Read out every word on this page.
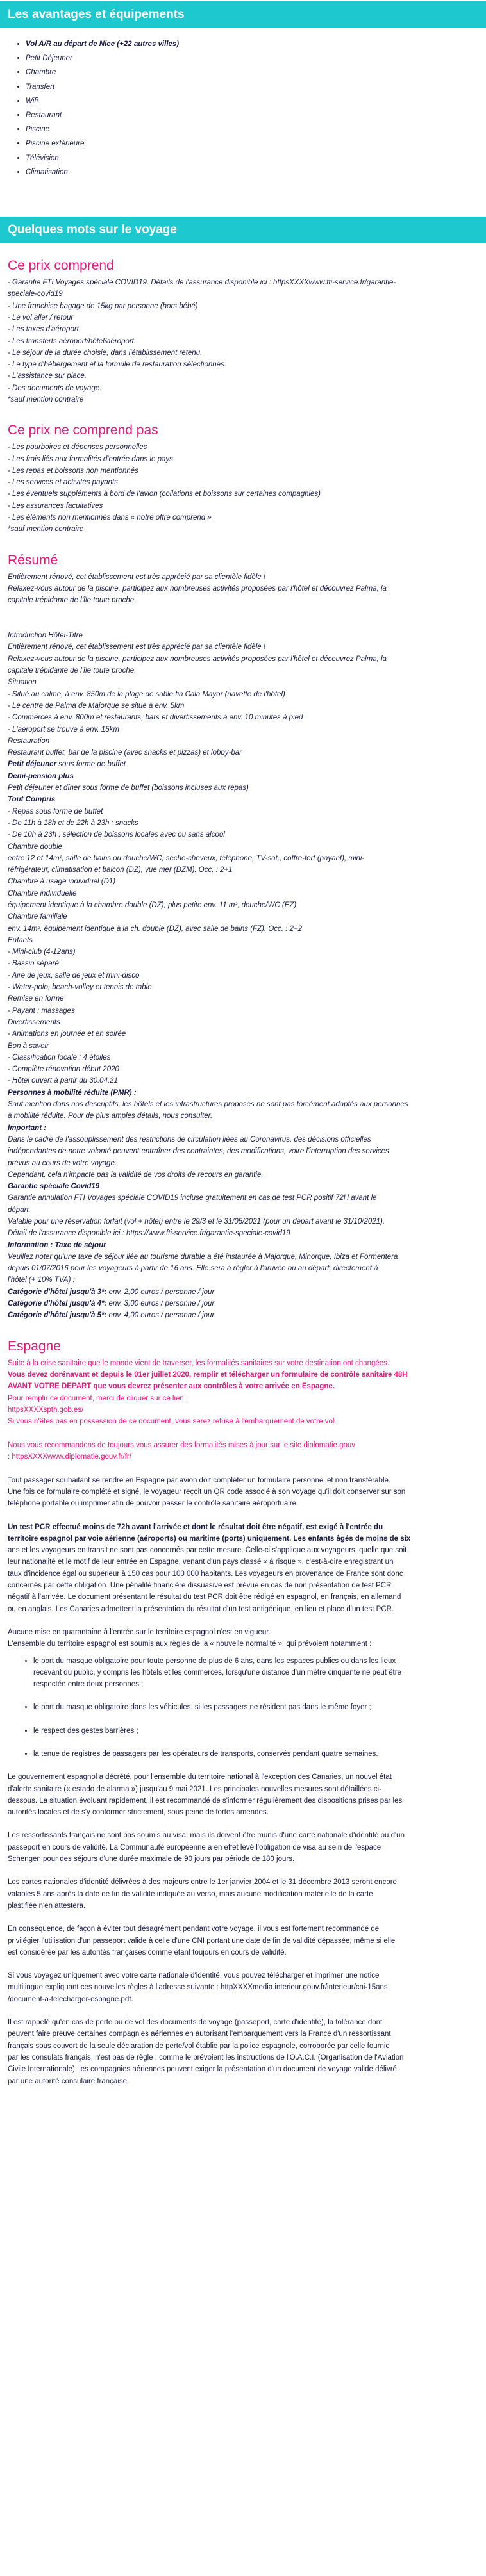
Les avantages et équipements
• Vol A/R au départ de Nice (+22 autres villes)
• Petit Déjeuner
• Chambre
• Transfert
• Wifi
• Restaurant
• Piscine
• Piscine extérieure
• Télévision
• Climatisation
Quelques mots sur le voyage
Ce prix comprend
- Garantie FTI Voyages spéciale COVID19. Détails de l'assurance disponible ici : httpsXXXXwww.fti-service.fr/garantie-
speciale-covid19
- Une franchise bagage de 15kg par personne (hors bébé)
- Le vol aller / retour
- Les taxes d'aéroport.
- Les transferts aéroport/hôtel/aéroport.
- Le séjour de la durée choisie, dans l'établissement retenu.
- Le type d'hébergement et la formule de restauration sélectionnés.
- L'assistance sur place.
- Des documents de voyage.
*sauf mention contraire
Ce prix ne comprend pas
- Les pourboires et dépenses personnelles
- Les frais liés aux formalités d'entrée dans le pays
- Les repas et boissons non mentionnés
- Les services et activités payants
- Les éventuels suppléments à bord de l'avion (collations et boissons sur certaines compagnies)
- Les assurances facultatives
- Les éléments non mentionnés dans « notre offre comprend »
*sauf mention contraire
Résumé
Entièrement rénové, cet établissement est très apprécié par sa clientèle fidèle !
Relaxez-vous autour de la piscine, participez aux nombreuses activités proposées par l'hôtel et découvrez Palma, la
capitale trépidante de l'île toute proche.
Introduction Hôtel-Titre
Entièrement rénové, cet établissement est très apprécié par sa clientèle fidèle !
Relaxez-vous autour de la piscine, participez aux nombreuses activités proposées par l'hôtel et découvrez Palma, la
capitale trépidante de l'île toute proche.
Situation
- Situé au calme, à env. 850m de la plage de sable fin Cala Mayor (navette de l'hôtel)
- Le centre de Palma de Majorque se situe à env. 5km
- Commerces à env. 800m et restaurants, bars et divertissements à env. 10 minutes à pied
- L'aéroport se trouve à env. 15km
Restauration
Restaurant buffet, bar de la piscine (avec snacks et pizzas) et lobby-bar
Petit déjeuner sous forme de buffet
Demi-pension plus
Petit déjeuner et dîner sous forme de buffet (boissons incluses aux repas)
Tout Compris
- Repas sous forme de buffet
- De 11h à 18h et de 22h à 23h : snacks
- De 10h à 23h : sélection de boissons locales avec ou sans alcool
Chambre double
entre 12 et 14m², salle de bains ou douche/WC, sèche-cheveux, téléphone, TV-sat., coffre-fort (payant), mini-
réfrigérateur, climatisation et balcon (DZ), vue mer (DZM). Occ. : 2+1
Chambre à usage individuel (D1)
Chambre individuelle
équipement identique à la chambre double (DZ), plus petite env. 11 m², douche/WC (EZ)
Chambre familiale
env. 14m², équipement identique à la ch. double (DZ), avec salle de bains (FZ). Occ. : 2+2
Enfants
- Mini-club (4-12ans)
- Bassin séparé
- Aire de jeux, salle de jeux et mini-disco
- Water-polo, beach-volley et tennis de table
Remise en forme
- Payant : massages
Divertissements
- Animations en journée et en soirée
Bon à savoir
- Classification locale : 4 étoiles
- Complète rénovation début 2020
- Hôtel ouvert à partir du 30.04.21
Personnes à mobilité réduite (PMR) :
Sauf mention dans nos descriptifs, les hôtels et les infrastructures proposés ne sont pas forcément adaptés aux personnes
à mobilité réduite. Pour de plus amples détails, nous consulter.
Important :
Dans le cadre de l'assouplissement des restrictions de circulation liées au Coronavirus, des décisions officielles
indépendantes de notre volonté peuvent entraîner des contraintes, des modifications, voire l'interruption des services
prévus au cours de votre voyage.
Cependant, cela n'impacte pas la validité de vos droits de recours en garantie.
Garantie spéciale Covid19
Garantie annulation FTI Voyages spéciale COVID19 incluse gratuitement en cas de test PCR positif 72H avant le
départ.
Valable pour une réservation forfait (vol + hôtel) entre le 29/3 et le 31/05/2021 (pour un départ avant le 31/10/2021).
Détail de l'assurance disponible ici : https://www.fti-service.fr/garantie-speciale-covid19
Information : Taxe de séjour
Veuillez noter qu'une taxe de séjour liée au tourisme durable a été instaurée à Majorque, Minorque, Ibiza et Formentera
depuis 01/07/2016 pour les voyageurs à partir de 16 ans. Elle sera à régler à l'arrivée ou au départ, directement à
l'hôtel (+ 10% TVA) :
Catégorie d'hôtel jusqu'à 3*: env. 2,00 euros / personne / jour
Catégorie d'hôtel jusqu'à 4*: env. 3,00 euros / personne / jour
Catégorie d'hôtel jusqu'à 5*: env. 4,00 euros / personne / jour
Espagne
Suite à la crise sanitaire que le monde vient de traverser, les formalités sanitaires sur votre destination ont changées.
Vous devez dorénavant et depuis le 01er juillet 2020, remplir et télécharger un formulaire de contrôle sanitaire 48H
AVANT VOTRE DEPART que vous devrez présenter aux contrôles à votre arrivée en Espagne.
Pour remplir ce document, merci de cliquer sur ce lien :
httpsXXXXspth.gob.es/
Si vous n'êtes pas en possession de ce document, vous serez refusé à l'embarquement de votre vol.
Nous vous recommandons de toujours vous assurer des formalités mises à jour sur le site diplomatie.gouv
: httpsXXXXwww.diplomatie.gouv.fr/fr/
Tout passager souhaitant se rendre en Espagne par avion doit compléter un formulaire personnel et non transférable.
Une fois ce formulaire complété et signé, le voyageur reçoit un QR code associé à son voyage qu'il doit conserver sur son
téléphone portable ou imprimer afin de pouvoir passer le contrôle sanitaire aéroportuaire.
Un test PCR effectué moins de 72h avant l'arrivée et dont le résultat doit être négatif, est exigé à l'entrée du
territoire espagnol par voie aérienne (aéroports) ou maritime (ports) uniquement. Les enfants âgés de moins de six
ans et les voyageurs en transit ne sont pas concernés par cette mesure. Celle-ci s'applique aux voyageurs, quelle que soit
leur nationalité et le motif de leur entrée en Espagne, venant d'un pays classé « à risque », c'est-à-dire enregistrant un
taux d'incidence égal ou supérieur à 150 cas pour 100 000 habitants. Les voyageurs en provenance de France sont donc
concernés par cette obligation. Une pénalité financière dissuasive est prévue en cas de non présentation de test PCR
négatif à l'arrivée. Le document présentant le résultat du test PCR doit être rédigé en espagnol, en français, en allemand
ou en anglais. Les Canaries admettent la présentation du résultat d'un test antigénique, en lieu et place d'un test PCR.
Aucune mise en quarantaine à l'entrée sur le territoire espagnol n'est en vigueur.
L'ensemble du territoire espagnol est soumis aux règles de la « nouvelle normalité », qui prévoient notamment :
• le port du masque obligatoire pour toute personne de plus de 6 ans, dans les espaces publics ou dans les lieux
recevant du public, y compris les hôtels et les commerces, lorsqu'une distance d'un mètre cinquante ne peut être
respectée entre deux personnes ;
• le port du masque obligatoire dans les véhicules, si les passagers ne résident pas dans le même foyer ;
• le respect des gestes barrières ;
• la tenue de registres de passagers par les opérateurs de transports, conservés pendant quatre semaines.
Le gouvernement espagnol a décrété, pour l'ensemble du territoire national à l'exception des Canaries, un nouvel état
d'alerte sanitaire (« estado de alarma ») jusqu'au 9 mai 2021. Les principales nouvelles mesures sont détaillées ci-
dessous. La situation évoluant rapidement, il est recommandé de s'informer régulièrement des dispositions prises par les
autorités locales et de s'y conformer strictement, sous peine de fortes amendes.
Les ressortissants français ne sont pas soumis au visa, mais ils doivent être munis d'une carte nationale d'identité ou d'un
passeport en cours de validité. La Communauté européenne a en effet levé l'obligation de visa au sein de l'espace
Schengen pour des séjours d'une durée maximale de 90 jours par période de 180 jours.
Les cartes nationales d'identité délivrées à des majeurs entre le 1er janvier 2004 et le 31 décembre 2013 seront encore
valables 5 ans après la date de fin de validité indiquée au verso, mais aucune modification matérielle de la carte
plastifiée n'en attestera.
En conséquence, de façon à éviter tout désagrément pendant votre voyage, il vous est fortement recommandé de
privilégier l'utilisation d'un passeport valide à celle d'une CNI portant une date de fin de validité dépassée, même si elle
est considérée par les autorités françaises comme étant toujours en cours de validité.
Si vous voyagez uniquement avec votre carte nationale d'identité, vous pouvez télécharger et imprimer une notice
multilingue expliquant ces nouvelles règles à l'adresse suivante : httpXXXXmedia.interieur.gouv.fr/interieur/cni-15ans
/document-a-telecharger-espagne.pdf.
Il est rappelé qu'en cas de perte ou de vol des documents de voyage (passeport, carte d'identité), la tolérance dont
peuvent faire preuve certaines compagnies aériennes en autorisant l'embarquement vers la France d'un ressortissant
français sous couvert de la seule déclaration de perte/vol établie par la police espagnole, corroborée par celle fournie
par les consulats français, n'est pas de règle : comme le prévoient les instructions de l'O.A.C.I. (Organisation de l'Aviation
Civile Internationale), les compagnies aériennes peuvent exiger la présentation d'un document de voyage valide délivré
par une autorité consulaire française.
